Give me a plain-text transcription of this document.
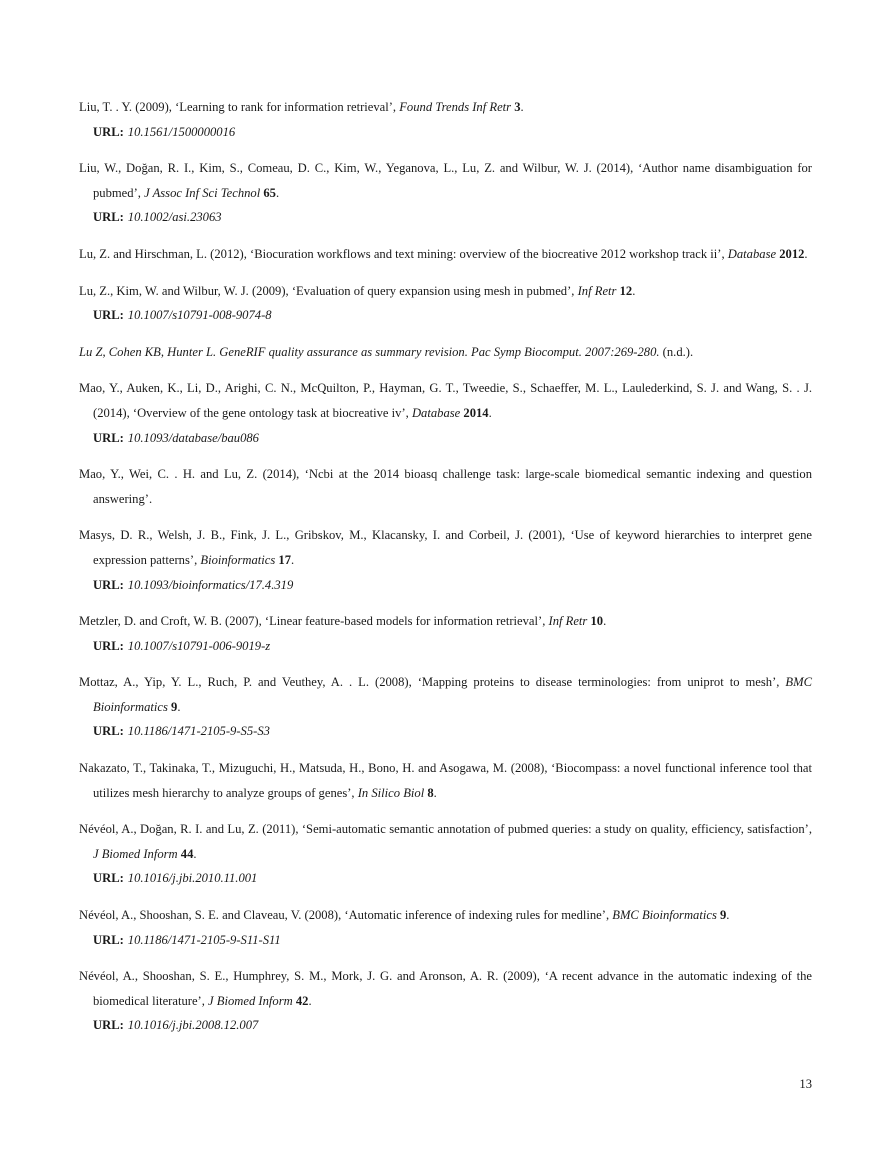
Liu, T. . Y. (2009), ‘Learning to rank for information retrieval’, Found Trends Inf Retr 3.
URL: 10.1561/1500000016

Liu, W., Doğan, R. I., Kim, S., Comeau, D. C., Kim, W., Yeganova, L., Lu, Z. and Wilbur, W. J. (2014), ‘Author name disambiguation for pubmed’, J Assoc Inf Sci Technol 65.
URL: 10.1002/asi.23063

Lu, Z. and Hirschman, L. (2012), ‘Biocuration workflows and text mining: overview of the biocreative 2012 workshop track ii’, Database 2012.

Lu, Z., Kim, W. and Wilbur, W. J. (2009), ‘Evaluation of query expansion using mesh in pubmed’, Inf Retr 12.
URL: 10.1007/s10791-008-9074-8

Lu Z, Cohen KB, Hunter L. GeneRIF quality assurance as summary revision. Pac Symp Biocomput. 2007:269-280. (n.d.).

Mao, Y., Auken, K., Li, D., Arighi, C. N., McQuilton, P., Hayman, G. T., Tweedie, S., Schaeffer, M. L., Laulederkind, S. J. and Wang, S. . J. (2014), ‘Overview of the gene ontology task at biocreative iv’, Database 2014.
URL: 10.1093/database/bau086

Mao, Y., Wei, C. . H. and Lu, Z. (2014), ‘Ncbi at the 2014 bioasq challenge task: large-scale biomedical semantic indexing and question answering’.

Masys, D. R., Welsh, J. B., Fink, J. L., Gribskov, M., Klacansky, I. and Corbeil, J. (2001), ‘Use of keyword hierarchies to interpret gene expression patterns’, Bioinformatics 17.
URL: 10.1093/bioinformatics/17.4.319

Metzler, D. and Croft, W. B. (2007), ‘Linear feature-based models for information retrieval’, Inf Retr 10.
URL: 10.1007/s10791-006-9019-z

Mottaz, A., Yip, Y. L., Ruch, P. and Veuthey, A. . L. (2008), ‘Mapping proteins to disease terminologies: from uniprot to mesh’, BMC Bioinformatics 9.
URL: 10.1186/1471-2105-9-S5-S3

Nakazato, T., Takinaka, T., Mizuguchi, H., Matsuda, H., Bono, H. and Asogawa, M. (2008), ‘Biocompass: a novel functional inference tool that utilizes mesh hierarchy to analyze groups of genes’, In Silico Biol 8.

Névéol, A., Doğan, R. I. and Lu, Z. (2011), ‘Semi-automatic semantic annotation of pubmed queries: a study on quality, efficiency, satisfaction’, J Biomed Inform 44.
URL: 10.1016/j.jbi.2010.11.001

Névéol, A., Shooshan, S. E. and Claveau, V. (2008), ‘Automatic inference of indexing rules for medline’, BMC Bioinformatics 9.
URL: 10.1186/1471-2105-9-S11-S11

Névéol, A., Shooshan, S. E., Humphrey, S. M., Mork, J. G. and Aronson, A. R. (2009), ‘A recent advance in the automatic indexing of the biomedical literature’, J Biomed Inform 42.
URL: 10.1016/j.jbi.2008.12.007

13
